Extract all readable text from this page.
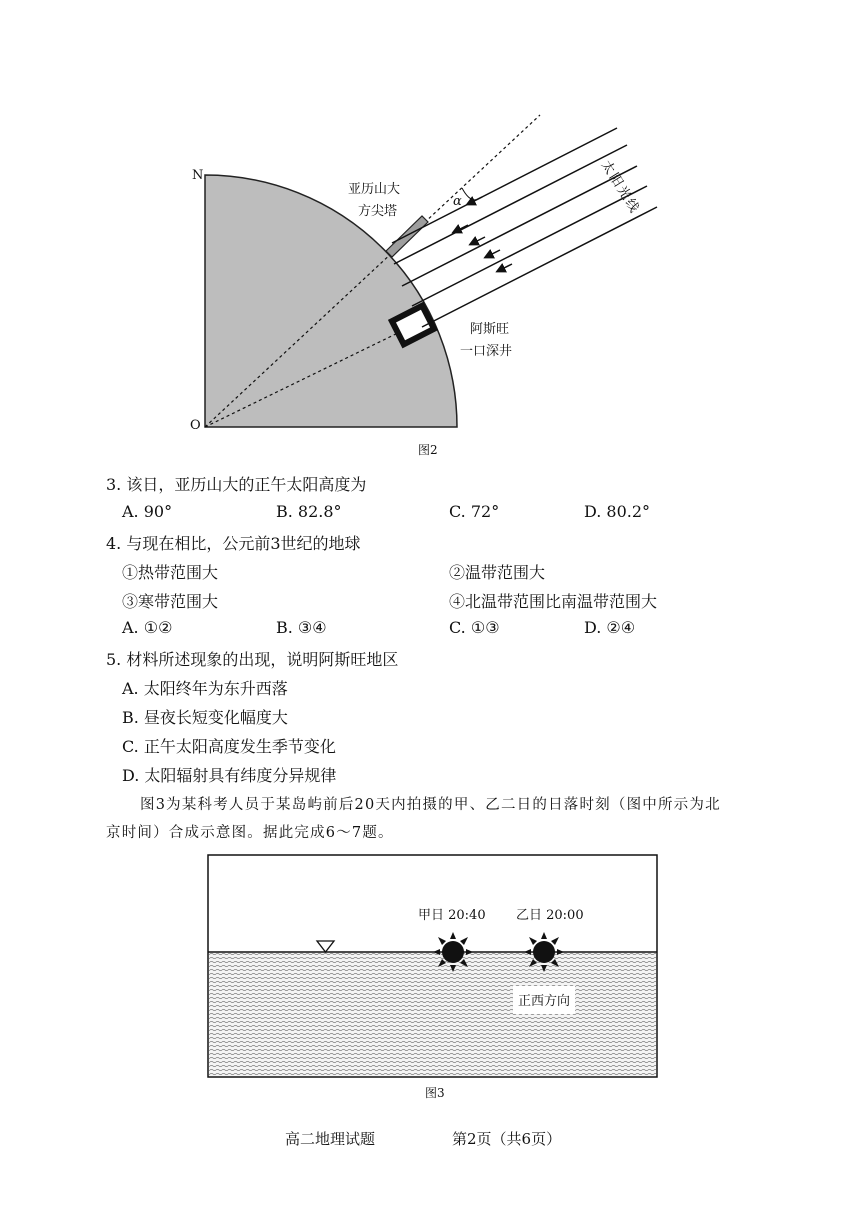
N
O
亚历山大
方尖塔
阿斯旺
一口深井
α	太阳光线
图2
3. 该日，亚历山大的正午太阳高度为
A. 90°	B. 82.8°	C. 72°	D. 80.2°
4. 与现在相比，公元前3世纪的地球
①热带范围大	②温带范围大
③寒带范围大	④北温带范围比南温带范围大
A. ①②	B. ③④	C. ①③	D. ②④
5. 材料所述现象的出现，说明阿斯旺地区
A. 太阳终年为东升西落
B. 昼夜长短变化幅度大
C. 正午太阳高度发生季节变化
D. 太阳辐射具有纬度分异规律
图3为某科考人员于某岛屿前后20天内拍摄的甲、乙二日的日落时刻（图中所示为北
京时间）合成示意图。据此完成6～7题。
甲日 20:40 乙日 20:00
正西方向
图3
高二地理试题	第2页（共6页）
